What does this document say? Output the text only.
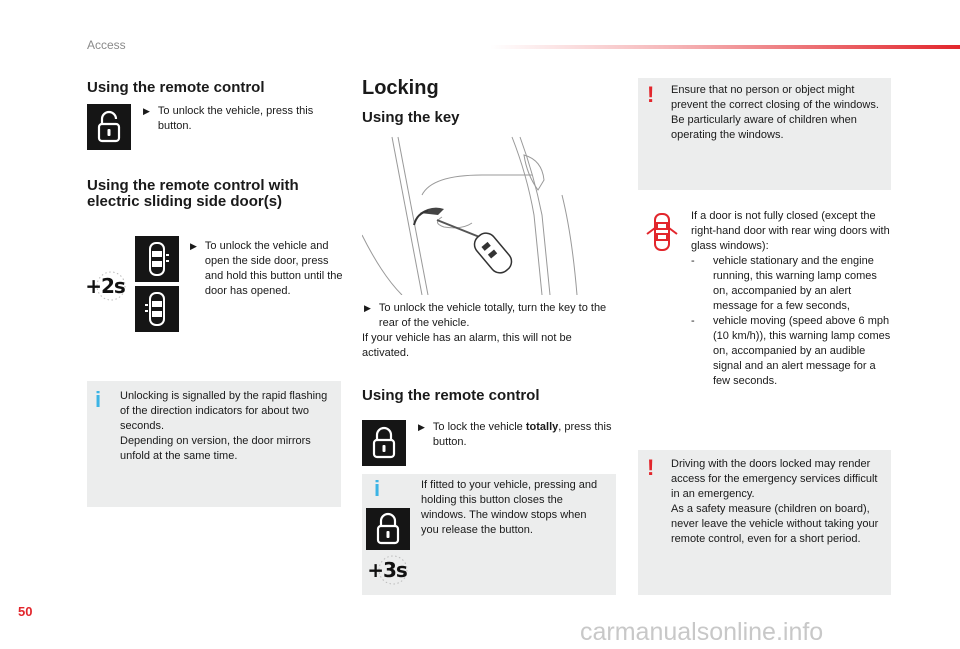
Access
Using the remote control
▶ To unlock the vehicle, press this button.
Using the remote control with electric sliding side door(s)
+2s
▶ To unlock the vehicle and open the side door, press and hold this button until the door has opened.
i Unlocking is signalled by the rapid flashing of the direction indicators for about two seconds.
Depending on version, the door mirrors unfold at the same time.
Locking
Using the key
▶ To unlock the vehicle totally, turn the key to the rear of the vehicle.
If your vehicle has an alarm, this will not be activated.
Using the remote control
▶ To lock the vehicle totally, press this button.
i
+3s
If fitted to your vehicle, pressing and holding this button closes the windows. The window stops when you release the button.
! Ensure that no person or object might prevent the correct closing of the windows.
Be particularly aware of children when operating the windows.
If a door is not fully closed (except the right-hand door with rear wing doors with glass windows):
-	vehicle stationary and the engine running, this warning lamp comes on, accompanied by an alert message for a few seconds,
-	vehicle moving (speed above 6 mph (10 km/h)), this warning lamp comes on, accompanied by an audible signal and an alert message for a few seconds.
! Driving with the doors locked may render access for the emergency services difficult in an emergency.
As a safety measure (children on board), never leave the vehicle without taking your remote control, even for a short period.
50
carmanualsonline.info
